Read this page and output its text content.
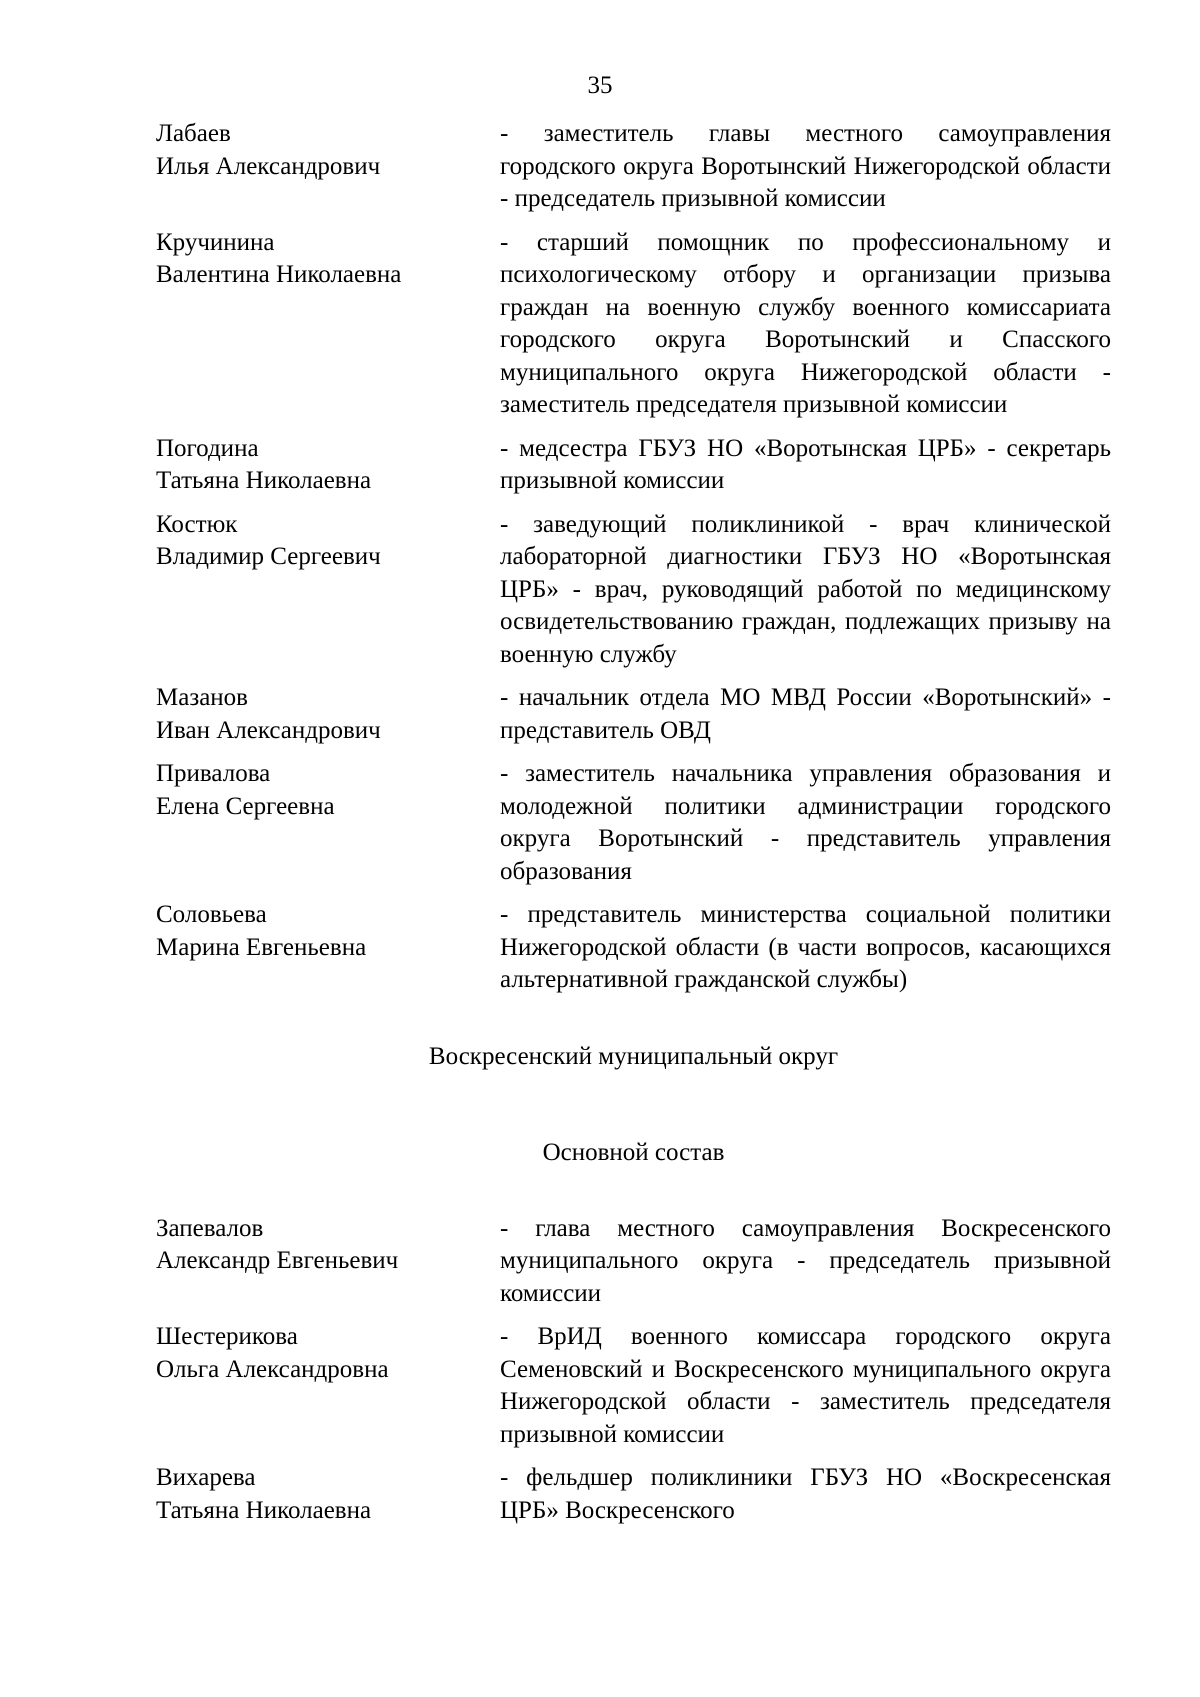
35
Лабаев
Илья Александрович
- заместитель главы местного самоуправления городского округа Воротынский Нижегородской области - председатель призывной комиссии
Кручинина
Валентина Николаевна
- старший помощник по профессиональному и психологическому отбору и организации призыва граждан на военную службу военного комиссариата городского округа Воротынский и Спасского муниципального округа Нижегородской области - заместитель председателя призывной комиссии
Погодина
Татьяна Николаевна
- медсестра ГБУЗ НО «Воротынская ЦРБ» - секретарь призывной комиссии
Костюк
Владимир Сергеевич
- заведующий поликлиникой - врач клинической лабораторной диагностики ГБУЗ НО «Воротынская ЦРБ» - врач, руководящий работой по медицинскому освидетельствованию граждан, подлежащих призыву на военную службу
Мазанов
Иван Александрович
- начальник отдела МО МВД России «Воротынский» - представитель ОВД
Привалова
Елена Сергеевна
- заместитель начальника управления образования и молодежной политики администрации городского округа Воротынский - представитель управления образования
Соловьева
Марина Евгеньевна
- представитель министерства социальной политики Нижегородской области (в части вопросов, касающихся альтернативной гражданской службы)
Воскресенский муниципальный округ
Основной состав
Запевалов
Александр Евгеньевич
- глава местного самоуправления Воскресенского муниципального округа - председатель призывной комиссии
Шестерикова
Ольга Александровна
- ВрИД военного комиссара городского округа Семеновский и Воскресенского муниципального округа Нижегородской области - заместитель председателя призывной комиссии
Вихарева
Татьяна Николаевна
- фельдшер поликлиники ГБУЗ НО «Воскресенская ЦРБ» Воскресенского
